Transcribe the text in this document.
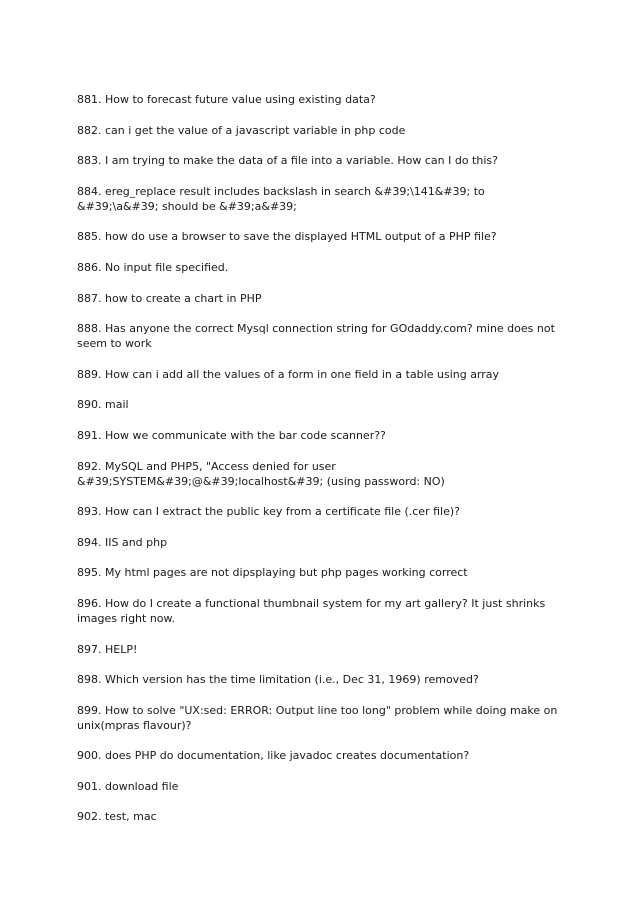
881. How to forecast future value using existing data?

882. can i get the value of a javascript variable in php code

883. I am trying to make the data of a file into a variable. How can I do this?

884. ereg_replace result includes backslash in search &#39;\141&#39; to &#39;\a&#39; should be &#39;a&#39;

885. how do use a browser to save the displayed HTML output of a PHP file?

886. No input file specified.

887. how to create a chart in PHP

888. Has anyone the correct Mysql connection string for GOdaddy.com? mine does not seem to work

889. How can i add all the values of a form in one field in a table using array

890. mail

891. How we communicate with the bar code scanner??

892. MySQL and PHP5, "Access denied for user &#39;SYSTEM&#39;@&#39;localhost&#39; (using password: NO)

893. How can I extract the public key from a certificate file (.cer file)?

894. IIS and php

895. My html pages are not dipsplaying but php pages working correct

896. How do I create a functional thumbnail system for my art gallery? It just shrinks images right now.

897. HELP!

898. Which version has the time limitation (i.e., Dec 31, 1969) removed?

899. How to solve "UX:sed: ERROR: Output line too long" problem while doing make on unix(mpras flavour)?

900. does PHP do documentation, like javadoc creates documentation?

901. download file

902. test, mac
